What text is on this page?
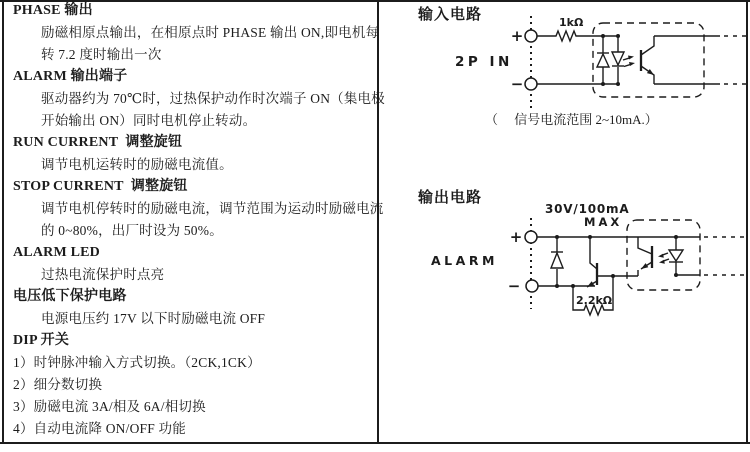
PHASE 输出
励磁相原点输出，在相原点时 PHASE 输出 ON,即电机每
转 7.2 度时输出一次
ALARM 输出端子
驱动器约为 70℃时，过热保护动作时次端子 ON（集电极
开始输出 ON）同时电机停止转动。
RUN CURRENT  调整旋钮
调节电机运转时的励磁电流值。
STOP CURRENT  调整旋钮
调节电机停转时的励磁电流，调节范围为运动时励磁电流
的 0~80%，出厂时设为 50%。
ALARM LED
过热电流保护时点亮
电压低下保护电路
电源电压约 17V 以下时励磁电流 OFF
DIP 开关
1）时钟脉冲输入方式切换。（2CK,1CK）
2）细分数切换
3）励磁电流 3A/相及 6A/相切换
4）自动电流降 ON/OFF 功能
输入电路
+
−
2P IN
1kΩ
（     信号电流范围 2~10mA.）
输出电路
30V/100mA
MAX
+
−
ALARM
2.2kΩ
